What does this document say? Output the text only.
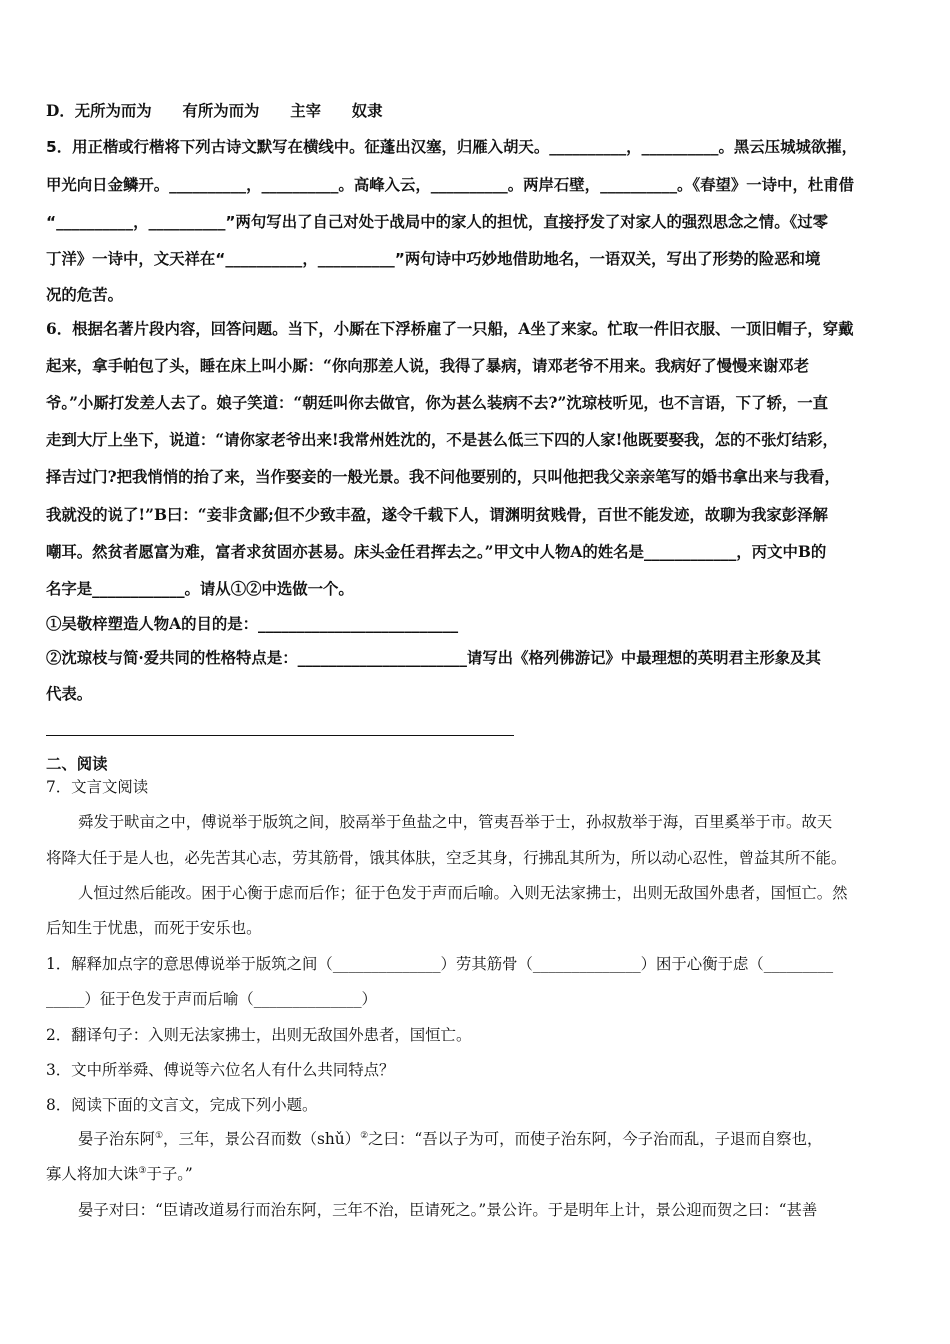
D．无所为而为　　有所为而为　　主宰　　奴隶
5．用正楷或行楷将下列古诗文默写在横线中。征蓬出汉塞，归雁入胡天。__________，__________。黑云压城城欲摧，
甲光向日金鳞开。__________，__________。高峰入云，__________。两岸石壁，__________。《春望》一诗中，杜甫借
“__________，__________”两句写出了自己对处于战局中的家人的担忧，直接抒发了对家人的强烈思念之情。《过零
丁洋》一诗中，文天祥在“__________，__________”两句诗中巧妙地借助地名，一语双关，写出了形势的险恶和境
况的危苦。
6．根据名著片段内容，回答问题。当下，小厮在下浮桥雇了一只船，A坐了来家。忙取一件旧衣服、一顶旧帽子，穿戴
起来，拿手帕包了头，睡在床上叫小厮：“你向那差人说，我得了暴病，请邓老爷不用来。我病好了慢慢来谢邓老
爷。”小厮打发差人去了。娘子笑道：“朝廷叫你去做官，你为甚么装病不去?”沈琼枝听见，也不言语，下了轿，一直
走到大厅上坐下，说道：“请你家老爷出来!我常州姓沈的，不是甚么低三下四的人家!他既要娶我，怎的不张灯结彩，
择吉过门?把我悄悄的抬了来，当作娶妾的一般光景。我不问他要别的，只叫他把我父亲亲笔写的婚书拿出来与我看，
我就没的说了!”B曰：“妾非贪鄙;但不少致丰盈，遂令千载下人，谓渊明贫贱骨，百世不能发迹，故聊为我家彭泽解
嘲耳。然贫者愿富为难，富者求贫固亦甚易。床头金任君挥去之。”甲文中人物A的姓名是____________，丙文中B的
名字是____________。请从①②中选做一个。
①吴敬梓塑造人物A的目的是：__________________________
②沈琼枝与简·爱共同的性格特点是：______________________请写出《格列佛游记》中最理想的英明君主形象及其
代表。
二、阅读
7．文言文阅读
舜发于畎亩之中，傅说举于版筑之间，胶鬲举于鱼盐之中，管夷吾举于士，孙叔敖举于海，百里奚举于市。故天
将降大任于是人也，必先苦其心志，劳其筋骨，饿其体肤，空乏其身，行拂乱其所为，所以动心忍性，曾益其所不能。
人恒过然后能改。困于心衡于虑而后作；征于色发于声而后喻。入则无法家拂士，出则无敌国外患者，国恒亡。然
后知生于忧患，而死于安乐也。
1．解释加点字的意思傅说举于版筑之间（______________）劳其筋骨（______________）困于心衡于虑（_________
_____）征于色发于声而后喻（______________）
2．翻译句子：入则无法家拂士，出则无敌国外患者，国恒亡。
3．文中所举舜、傅说等六位名人有什么共同特点？
8．阅读下面的文言文，完成下列小题。
晏子治东阿①，三年，景公召而数（shǔ）②之曰：“吾以子为可，而使子治东阿，今子治而乱，子退而自察也，
寡人将加大诛③于子。”
晏子对曰：“臣请改道易行而治东阿，三年不治，臣请死之。”景公许。于是明年上计，景公迎而贺之曰：“甚善
